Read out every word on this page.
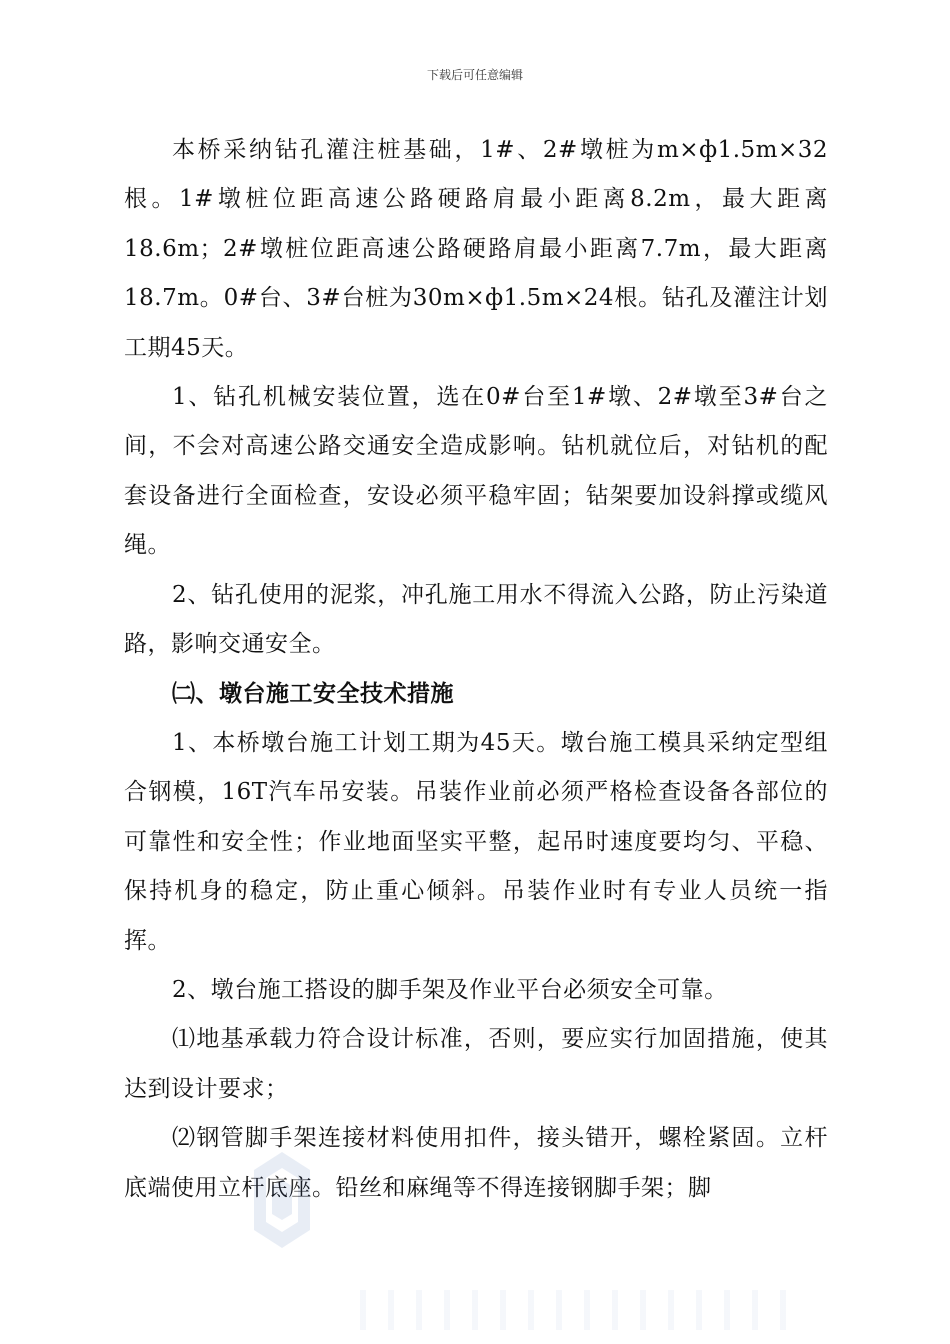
下载后可任意编辑

本桥采纳钻孔灌注桩基础，1#、2#墩桩为m×ф1.5m×32根。1#墩桩位距高速公路硬路肩最小距离8.2m，最大距离18.6m；2#墩桩位距高速公路硬路肩最小距离7.7m，最大距离18.7m。0#台、3#台桩为30m×ф1.5m×24根。钻孔及灌注计划工期45天。

1、钻孔机械安装位置，选在0#台至1#墩、2#墩至3#台之间，不会对高速公路交通安全造成影响。钻机就位后，对钻机的配套设备进行全面检查，安设必须平稳牢固；钻架要加设斜撑或缆风绳。

2、钻孔使用的泥浆，冲孔施工用水不得流入公路，防止污染道路，影响交通安全。

㈡、墩台施工安全技术措施

1、本桥墩台施工计划工期为45天。墩台施工模具采纳定型组合钢模，16T汽车吊安装。吊装作业前必须严格检查设备各部位的可靠性和安全性；作业地面坚实平整，起吊时速度要均匀、平稳、保持机身的稳定，防止重心倾斜。吊装作业时有专业人员统一指挥。

2、墩台施工搭设的脚手架及作业平台必须安全可靠。

⑴地基承载力符合设计标准，否则，要应实行加固措施，使其达到设计要求；

⑵钢管脚手架连接材料使用扣件，接头错开，螺栓紧固。立杆底端使用立杆底座。铅丝和麻绳等不得连接钢脚手架；脚
